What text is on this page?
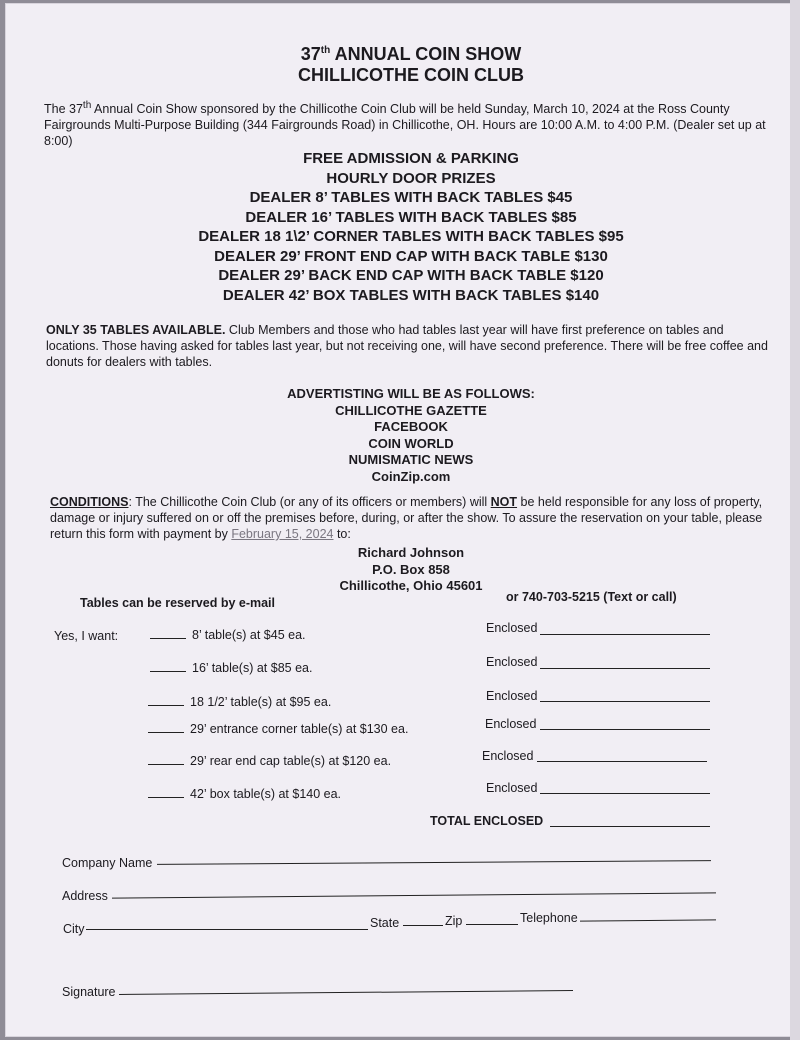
37th ANNUAL COIN SHOW
CHILLICOTHE COIN CLUB
The 37th Annual Coin Show sponsored by the Chillicothe Coin Club will be held Sunday, March 10, 2024 at the Ross County Fairgrounds Multi-Purpose Building (344 Fairgrounds Road) in Chillicothe, OH. Hours are 10:00 A.M. to 4:00 P.M. (Dealer set up at 8:00)
FREE ADMISSION & PARKING
HOURLY DOOR PRIZES
DEALER 8’ TABLES WITH BACK TABLES $45
DEALER 16’ TABLES WITH BACK TABLES $85
DEALER 18 1\2’ CORNER TABLES WITH BACK TABLES $95
DEALER 29’ FRONT END CAP WITH BACK TABLE $130
DEALER 29’ BACK END CAP WITH BACK TABLE $120
DEALER 42’ BOX TABLES WITH BACK TABLES $140
ONLY 35 TABLES AVAILABLE. Club Members and those who had tables last year will have first preference on tables and locations. Those having asked for tables last year, but not receiving one, will have second preference. There will be free coffee and donuts for dealers with tables.
ADVERTISTING WILL BE AS FOLLOWS:
CHILLICOTHE GAZETTE
FACEBOOK
COIN WORLD
NUMISMATIC NEWS
CoinZip.com
CONDITIONS: The Chillicothe Coin Club (or any of its officers or members) will NOT be held responsible for any loss of property, damage or injury suffered on or off the premises before, during, or after the show. To assure the reservation on your table, please return this form with payment by February 15, 2024 to:
Richard Johnson
P.O. Box 858
Chillicothe, Ohio 45601
Tables can be reserved by e-mail	or 740-703-5215 (Text or call)
Yes, I want:	8’ table(s) at $45 ea.	Enclosed
16’ table(s) at $85 ea.	Enclosed
18 1/2’ table(s) at $95 ea.	Enclosed
29’ entrance corner table(s) at $130 ea.	Enclosed
29’ rear end cap table(s) at $120 ea.	Enclosed
42’ box table(s) at $140 ea.	Enclosed
TOTAL ENCLOSED
Company Name
Address
City	State	Zip	Telephone
Signature
